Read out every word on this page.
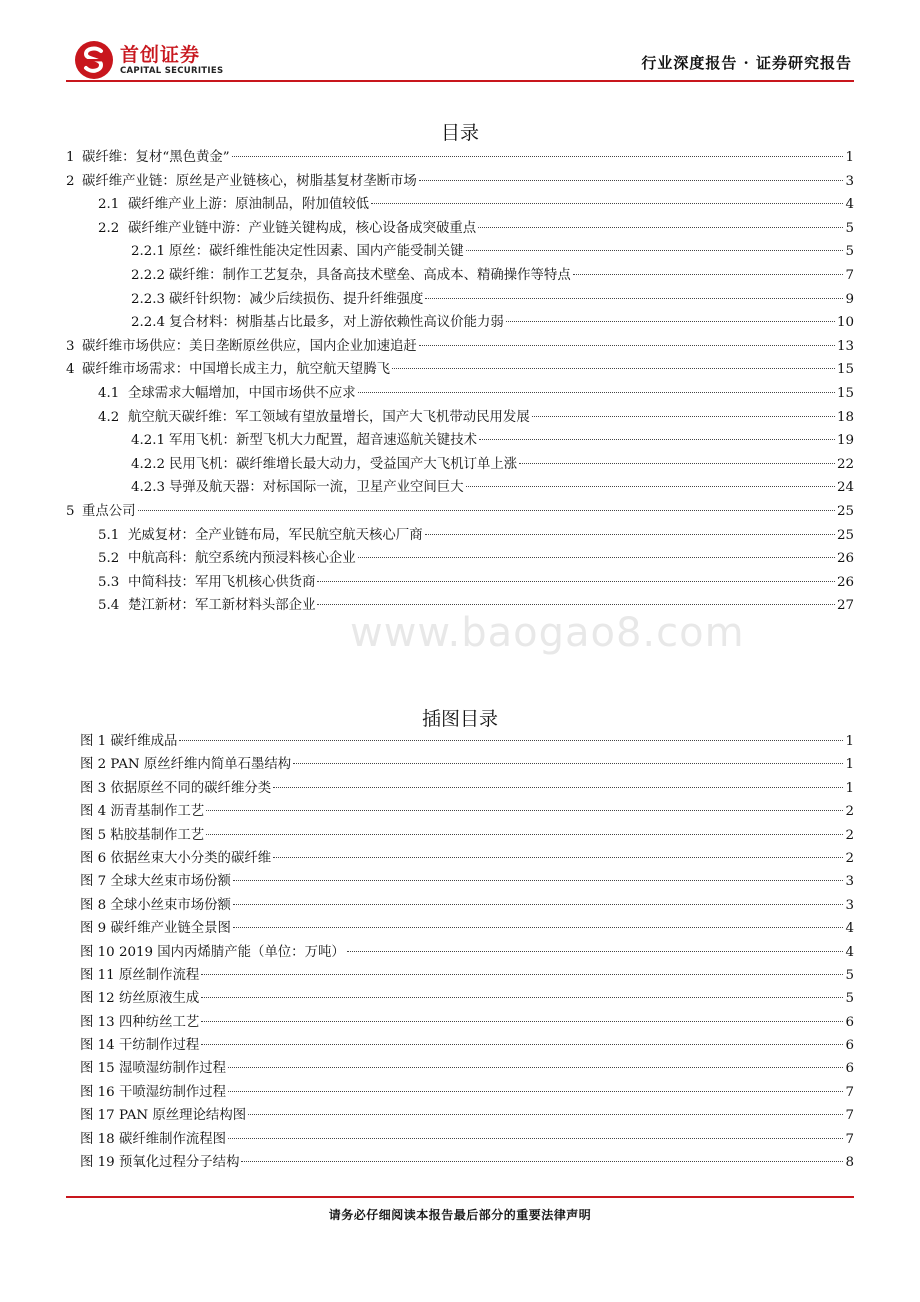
首创证券
CAPITAL SECURITIES	行业深度报告 · 证券研究报告
目录
1 碳纤维：复材“黑色黄金”	1
2 碳纤维产业链：原丝是产业链核心，树脂基复材垄断市场	3
2.1 碳纤维产业上游：原油制品，附加值较低	4
2.2 碳纤维产业链中游：产业链关键构成，核心设备成突破重点	5
2.2.1 原丝：碳纤维性能决定性因素、国内产能受制关键	5
2.2.2 碳纤维：制作工艺复杂，具备高技术壁垒、高成本、精确操作等特点	7
2.2.3 碳纤针织物：减少后续损伤、提升纤维强度	9
2.2.4 复合材料：树脂基占比最多，对上游依赖性高议价能力弱	10
3 碳纤维市场供应：美日垄断原丝供应，国内企业加速追赶	13
4 碳纤维市场需求：中国增长成主力，航空航天望腾飞	15
4.1 全球需求大幅增加，中国市场供不应求	15
4.2 航空航天碳纤维：军工领域有望放量增长，国产大飞机带动民用发展	18
4.2.1 军用飞机：新型飞机大力配置，超音速巡航关键技术	19
4.2.2 民用飞机：碳纤维增长最大动力，受益国产大飞机订单上涨	22
4.2.3 导弹及航天器：对标国际一流，卫星产业空间巨大	24
5 重点公司	25
5.1 光威复材：全产业链布局，军民航空航天核心厂商	25
5.2 中航高科：航空系统内预浸料核心企业	26
5.3 中简科技：军用飞机核心供货商	26
5.4 楚江新材：军工新材料头部企业	27
www.baogao8.com
插图目录
图 1 碳纤维成品	1
图 2 PAN 原丝纤维内简单石墨结构	1
图 3 依据原丝不同的碳纤维分类	1
图 4 沥青基制作工艺	2
图 5 粘胶基制作工艺	2
图 6 依据丝束大小分类的碳纤维	2
图 7 全球大丝束市场份额	3
图 8 全球小丝束市场份额	3
图 9 碳纤维产业链全景图	4
图 10 2019 国内丙烯腈产能（单位：万吨）	4
图 11 原丝制作流程	5
图 12 纺丝原液生成	5
图 13 四种纺丝工艺	6
图 14 干纺制作过程	6
图 15 湿喷湿纺制作过程	6
图 16 干喷湿纺制作过程	7
图 17 PAN 原丝理论结构图	7
图 18 碳纤维制作流程图	7
图 19 预氧化过程分子结构	8
请务必仔细阅读本报告最后部分的重要法律声明
